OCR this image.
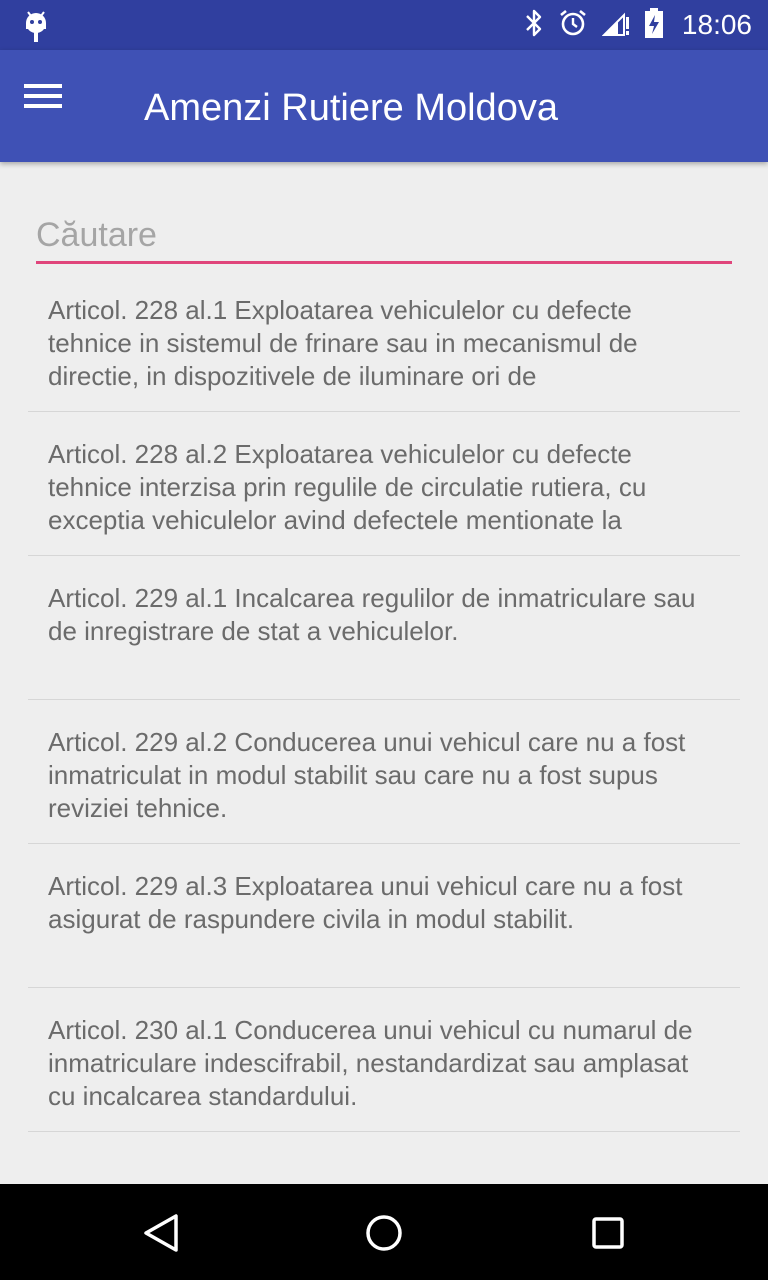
18:06
Amenzi Rutiere Moldova
Căutare
Articol. 228 al.1 Exploatarea vehiculelor cu defecte tehnice in sistemul de frinare sau in mecanismul de directie, in dispozitivele de iluminare ori de
Articol. 228 al.2 Exploatarea vehiculelor cu defecte tehnice interzisa prin regulile de circulatie rutiera, cu exceptia vehiculelor avind defectele mentionate la
Articol. 229 al.1 Incalcarea regulilor de inmatriculare sau de inregistrare de stat a vehiculelor.
Articol. 229 al.2 Conducerea unui vehicul care nu a fost inmatriculat in modul stabilit sau care nu a fost supus reviziei tehnice.
Articol. 229 al.3 Exploatarea unui vehicul care nu a fost asigurat de raspundere civila in modul stabilit.
Articol. 230 al.1 Conducerea unui vehicul cu numarul de inmatriculare indescifrabil, nestandardizat sau amplasat cu incalcarea standardului.
